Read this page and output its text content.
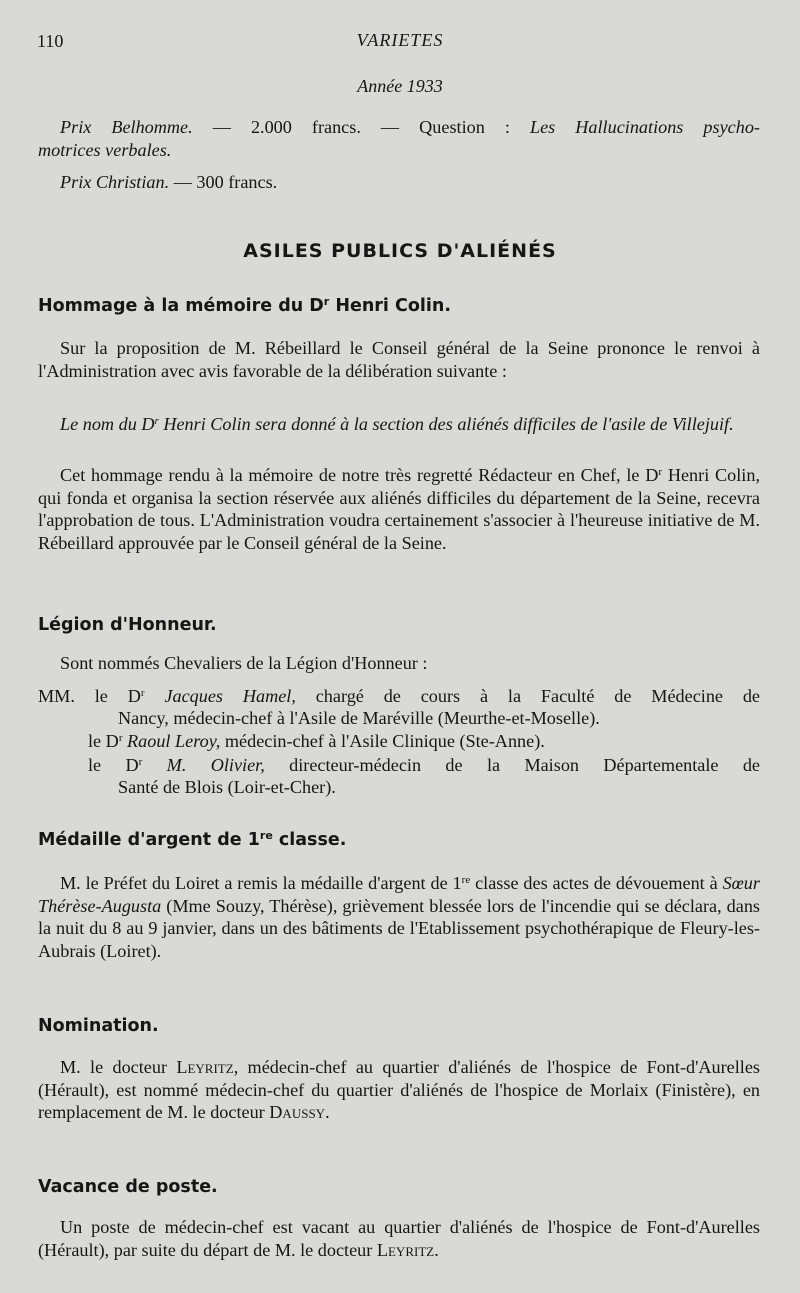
110	VARIETES
Année 1933
Prix Belhomme. — 2.000 francs. — Question : Les Hallucinations psycho-
motrices verbales.
Prix Christian. — 300 francs.
ASILES PUBLICS D'ALIÉNÉS
Hommage à la mémoire du $D^r$ Henri Colin.
Sur la proposition de M. Rébeillard le Conseil général de la Seine prononce le renvoi à l'Administration avec avis favorable de la délibération suivante :
Le nom du $D^r$ Henri Colin sera donné à la section des aliénés difficiles de l'asile de Villejuif.
Cet hommage rendu à la mémoire de notre très regretté Rédacteur en Chef, le $D^r$ Henri Colin, qui fonda et organisa la section réservée aux aliénés difficiles du département de la Seine, recevra l'approbation de tous. L'Administration voudra certainement s'associer à l'heureuse initiative de M. Rébeillard approuvée par le Conseil général de la Seine.
Légion d'Honneur.
Sont nommés Chevaliers de la Légion d'Honneur :
MM. le $D^r$ Jacques Hamel, chargé de cours à la Faculté de Médecine de
Nancy, médecin-chef à l'Asile de Maréville (Meurthe-et-Moselle).
le $D^r$ Raoul Leroy, médecin-chef à l'Asile Clinique (Ste-Anne).
le $D^r$ M. Olivier, directeur-médecin de la Maison Départementale de
Santé de Blois (Loir-et-Cher).
Médaille d'argent de 1re classe.
M. le Préfet du Loiret a remis la médaille d'argent de 1re classe des actes de dévouement à Sœur Thérèse-Augusta (Mme Souzy, Thérèse), grièvement blessée lors de l'incendie qui se déclara, dans la nuit du 8 au 9 janvier, dans un des bâtiments de l'Etablissement psychothérapique de Fleury-les-Aubrais (Loiret).
Nomination.
M. le docteur Leyritz, médecin-chef au quartier d'aliénés de l'hospice de Font-d'Aurelles (Hérault), est nommé médecin-chef du quartier d'aliénés de l'hospice de Morlaix (Finistère), en remplacement de M. le docteur Daussy.
Vacance de poste.
Un poste de médecin-chef est vacant au quartier d'aliénés de l'hospice de Font-d'Aurelles (Hérault), par suite du départ de M. le docteur Leyritz.
